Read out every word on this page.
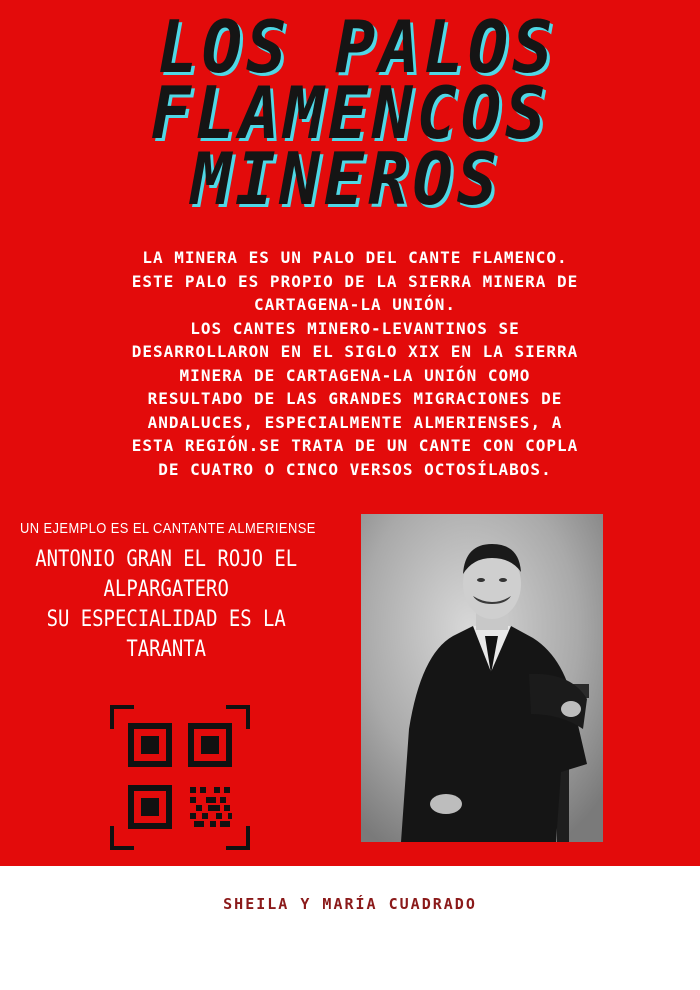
LOS PALOS
FLAMENCOS
MINEROS

LA MINERA ES UN PALO DEL CANTE FLAMENCO.

ESTE PALO ES PROPIO DE LA SIERRA MINERA DE

CARTAGENA-LA UNIÓN.

LOS CANTES MINERO-LEVANTINOS SE

DESARROLLARON EN EL SIGLO XIX EN LA SIERRA

MINERA DE CARTAGENA-LA UNIÓN COMO

RESULTADO DE LAS GRANDES MIGRACIONES DE

ANDALUCES, ESPECIALMENTE ALMERIENSES, A

ESTA REGIÓN.SE TRATA DE UN CANTE CON COPLA

DE CUATRO O CINCO VERSOS OCTOSÍLABOS.

UN EJEMPLO ES EL CANTANTE ALMERIENSE
ANTONIO GRAN EL ROJO EL
ALPARGATERO
SU ESPECIALIDAD ES LA
TARANTA
SHEILA Y MARÍA CUADRADO
